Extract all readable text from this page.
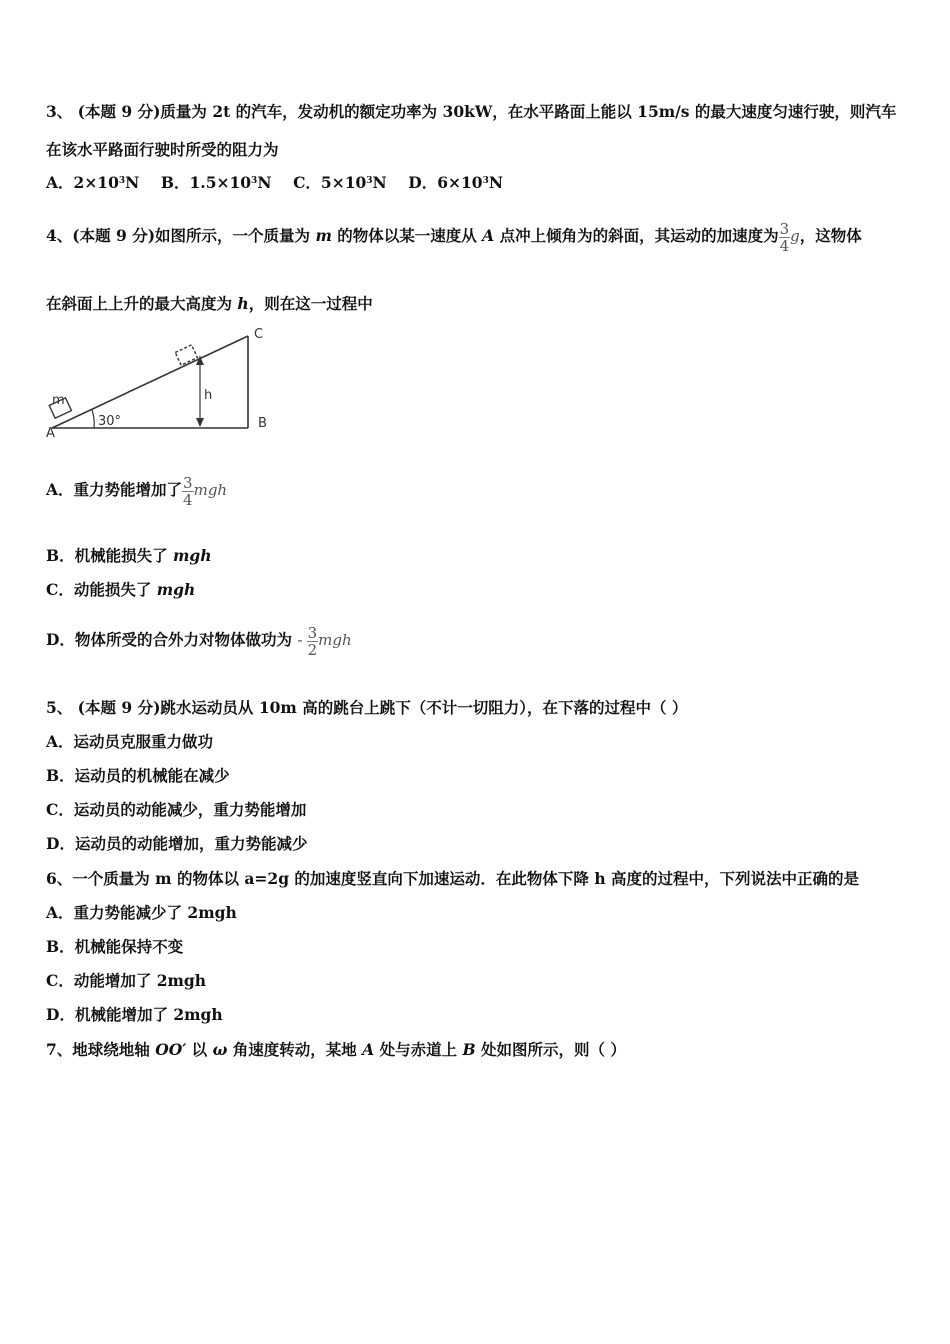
3、 (本题 9 分)质量为 2t 的汽车，发动机的额定功率为 30kW，在水平路面上能以 15m/s 的最大速度匀速行驶，则汽车
在该水平路面行驶时所受的阻力为
A．$2\times 10^3N$ B．$1.5\times 10^3N$ C．$5\times 10^3N$ D．$6\times 10^3N$
4、(本题 9 分)如图所示，一个质量为 m 的物体以某一速度从 A 点冲上倾角为的斜面，其运动的加速度为 $\frac{3}{4}$ g，这物体
在斜面上上升的最大高度为 h，则在这一过程中
30°
h
m
A
B
C
A．重力势能增加了 $\frac{3}{4}$ mgh
B．机械能损失了 mgh
C．动能损失了 mgh
D．物体所受的合外力对物体做功为 - $\frac{3}{2}$ mgh
5、 (本题 9 分)跳水运动员从 10m 高的跳台上跳下（不计一切阻力），在下落的过程中（ ）
A．运动员克服重力做功
B．运动员的机械能在减少
C．运动员的动能减少，重力势能增加
D．运动员的动能增加，重力势能减少
6、一个质量为 m 的物体以 a=2g 的加速度竖直向下加速运动．在此物体下降 h 高度的过程中，下列说法中正确的是
A．重力势能减少了 2mgh
B．机械能保持不变
C．动能增加了 2mgh
D．机械能增加了 2mgh
7、地球绕地轴 OO′ 以 ω 角速度转动，某地 A 处与赤道上 B 处如图所示，则（ ）
